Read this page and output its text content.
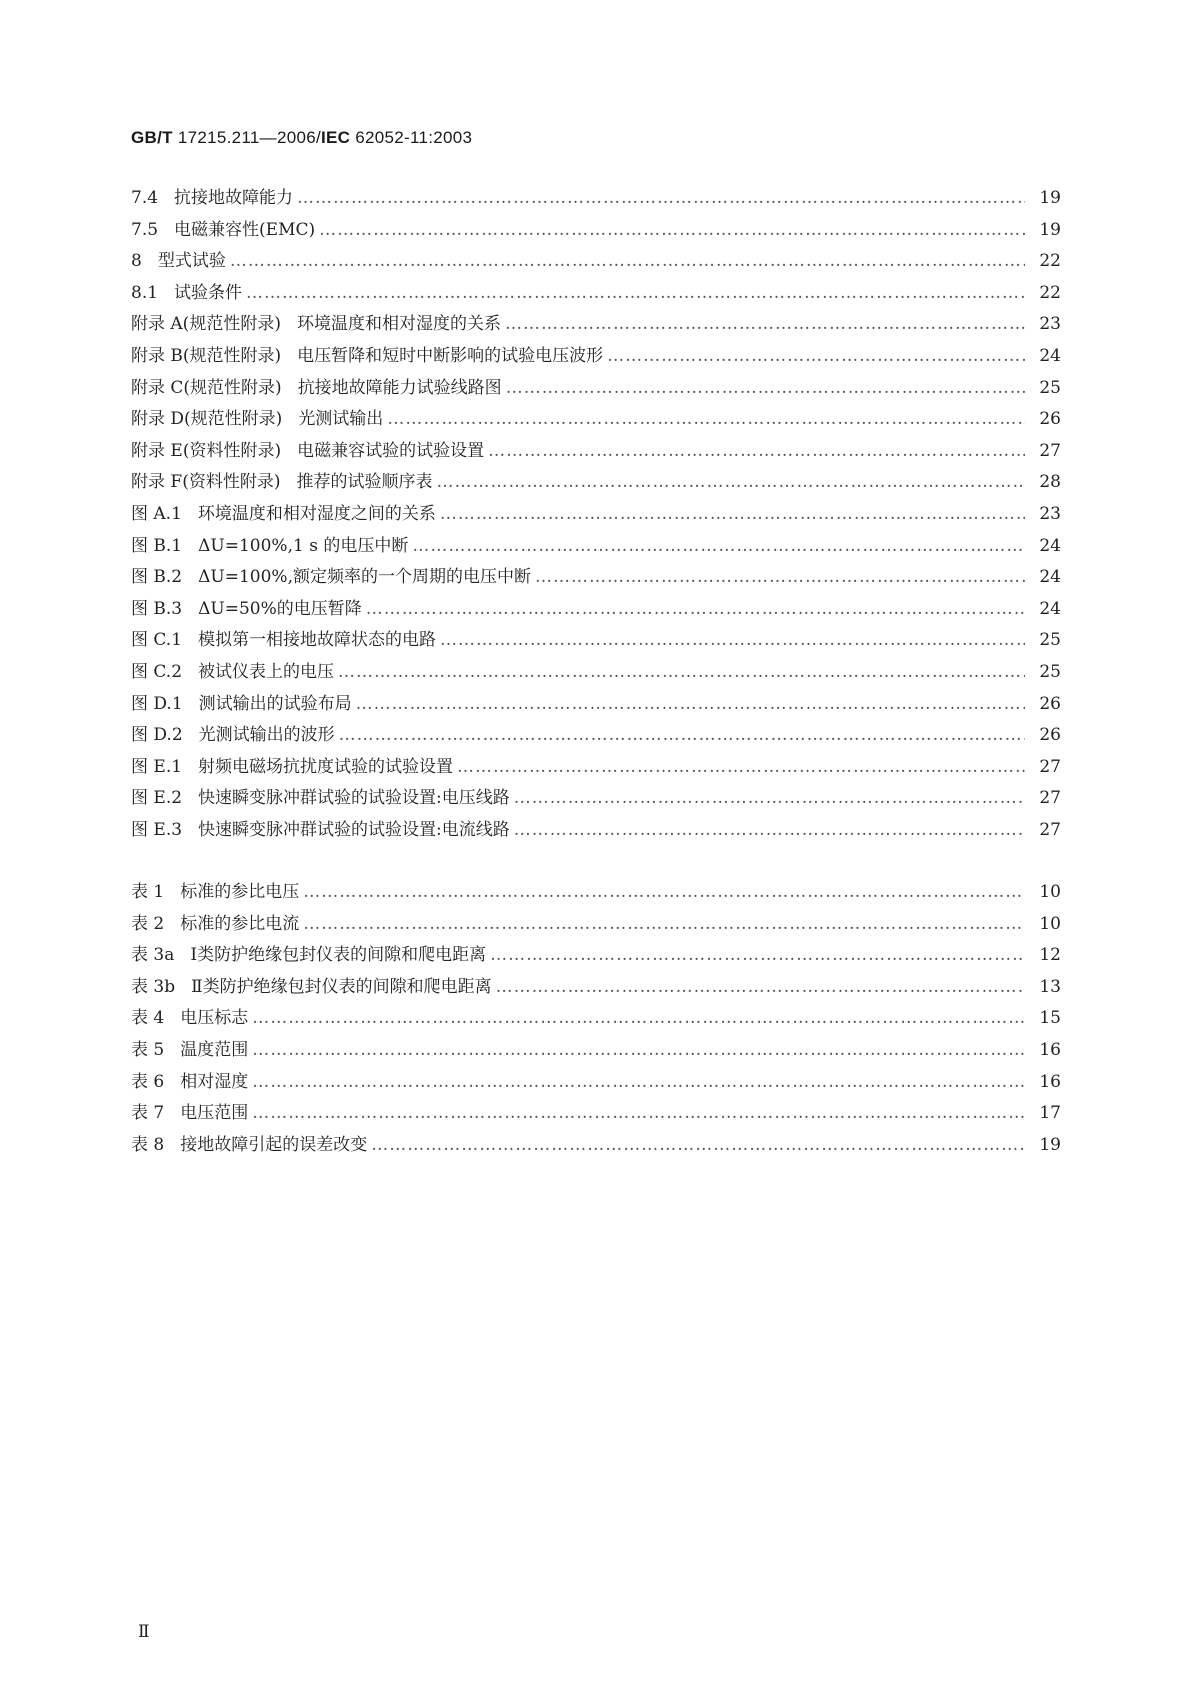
GB/T 17215.211—2006/IEC 62052-11:2003
7.4 抗接地故障能力 …………………………………………………………………………………………………………………………………………………………………………………………………………	19
7.5 电磁兼容性(EMC) …………………………………………………………………………………………………………………………………………………………………………………………………………	19
8 型式试验 …………………………………………………………………………………………………………………………………………………………………………………………………………	22
8.1 试验条件 …………………………………………………………………………………………………………………………………………………………………………………………………………	22
附录 A(规范性附录) 环境温度和相对湿度的关系 …………………………………………………………………………………………………………………………………………………………………………………………………………	23
附录 B(规范性附录) 电压暂降和短时中断影响的试验电压波形 …………………………………………………………………………………………………………………………………………………………………………………………………………	24
附录 C(规范性附录) 抗接地故障能力试验线路图 …………………………………………………………………………………………………………………………………………………………………………………………………………	25
附录 D(规范性附录) 光测试输出 …………………………………………………………………………………………………………………………………………………………………………………………………………	26
附录 E(资料性附录) 电磁兼容试验的试验设置 …………………………………………………………………………………………………………………………………………………………………………………………………………	27
附录 F(资料性附录) 推荐的试验顺序表 …………………………………………………………………………………………………………………………………………………………………………………………………………	28
图 A.1 环境温度和相对湿度之间的关系 …………………………………………………………………………………………………………………………………………………………………………………………………………	23
图 B.1 ΔU=100%,1 s 的电压中断 …………………………………………………………………………………………………………………………………………………………………………………………………………	24
图 B.2 ΔU=100%,额定频率的一个周期的电压中断 …………………………………………………………………………………………………………………………………………………………………………………………………………	24
图 B.3 ΔU=50%的电压暂降 …………………………………………………………………………………………………………………………………………………………………………………………………………	24
图 C.1 模拟第一相接地故障状态的电路 …………………………………………………………………………………………………………………………………………………………………………………………………………	25
图 C.2 被试仪表上的电压 …………………………………………………………………………………………………………………………………………………………………………………………………………	25
图 D.1 测试输出的试验布局 …………………………………………………………………………………………………………………………………………………………………………………………………………	26
图 D.2 光测试输出的波形 …………………………………………………………………………………………………………………………………………………………………………………………………………	26
图 E.1 射频电磁场抗扰度试验的试验设置 …………………………………………………………………………………………………………………………………………………………………………………………………………	27
图 E.2 快速瞬变脉冲群试验的试验设置:电压线路 …………………………………………………………………………………………………………………………………………………………………………………………………………	27
图 E.3 快速瞬变脉冲群试验的试验设置:电流线路 …………………………………………………………………………………………………………………………………………………………………………………………………………	27
表 1 标准的参比电压 …………………………………………………………………………………………………………………………………………………………………………………………………………	10
表 2 标准的参比电流 …………………………………………………………………………………………………………………………………………………………………………………………………………	10
表 3a Ⅰ类防护绝缘包封仪表的间隙和爬电距离 …………………………………………………………………………………………………………………………………………………………………………………………………………	12
表 3b Ⅱ类防护绝缘包封仪表的间隙和爬电距离 …………………………………………………………………………………………………………………………………………………………………………………………………………	13
表 4 电压标志 …………………………………………………………………………………………………………………………………………………………………………………………………………	15
表 5 温度范围 …………………………………………………………………………………………………………………………………………………………………………………………………………	16
表 6 相对湿度 …………………………………………………………………………………………………………………………………………………………………………………………………………	16
表 7 电压范围 …………………………………………………………………………………………………………………………………………………………………………………………………………	17
表 8 接地故障引起的误差改变 …………………………………………………………………………………………………………………………………………………………………………………………………………	19
Ⅱ
